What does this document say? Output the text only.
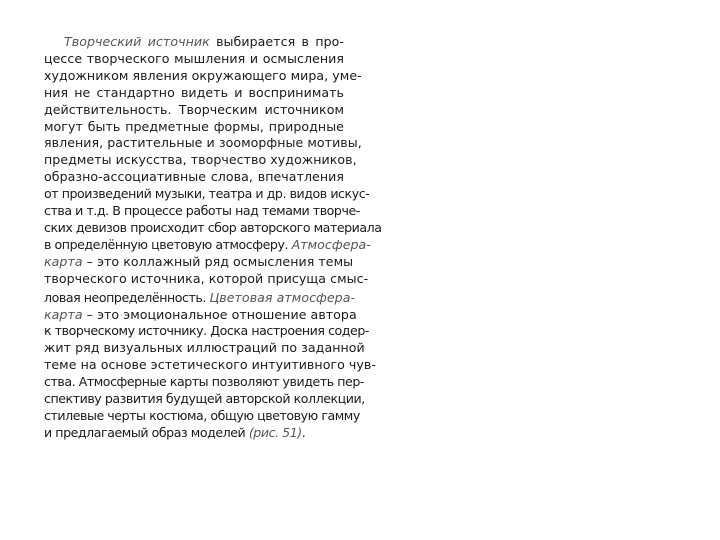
Творческий источник выбирается в про-
цессе творческого мышления и осмысления
художником явления окружающего мира, уме-
ния не стандартно видеть и воспринимать
действительность. Творческим источником
могут быть предметные формы, природные
явления, растительные и зооморфные мотивы,
предметы искусства, творчество художников,
образно-ассоциативные слова, впечатления
от произведений музыки, театра и др. видов искус-
ства и т.д. В процессе работы над темами творче-
ских девизов происходит сбор авторского материала
в определённую цветовую атмосферу. Атмосфера-
карта – это коллажный ряд осмысления темы
творческого источника, которой присуща смыс-
ловая неопределённость. Цветовая атмосфера-
карта – это эмоциональное отношение автора
к творческому источнику. Доска настроения содер-
жит ряд визуальных иллюстраций по заданной
теме на основе эстетического интуитивного чув-
ства. Атмосферные карты позволяют увидеть пер-
спективу развития будущей авторской коллекции,
стилевые черты костюма, общую цветовую гамму
и предлагаемый образ моделей (рис. 51).
